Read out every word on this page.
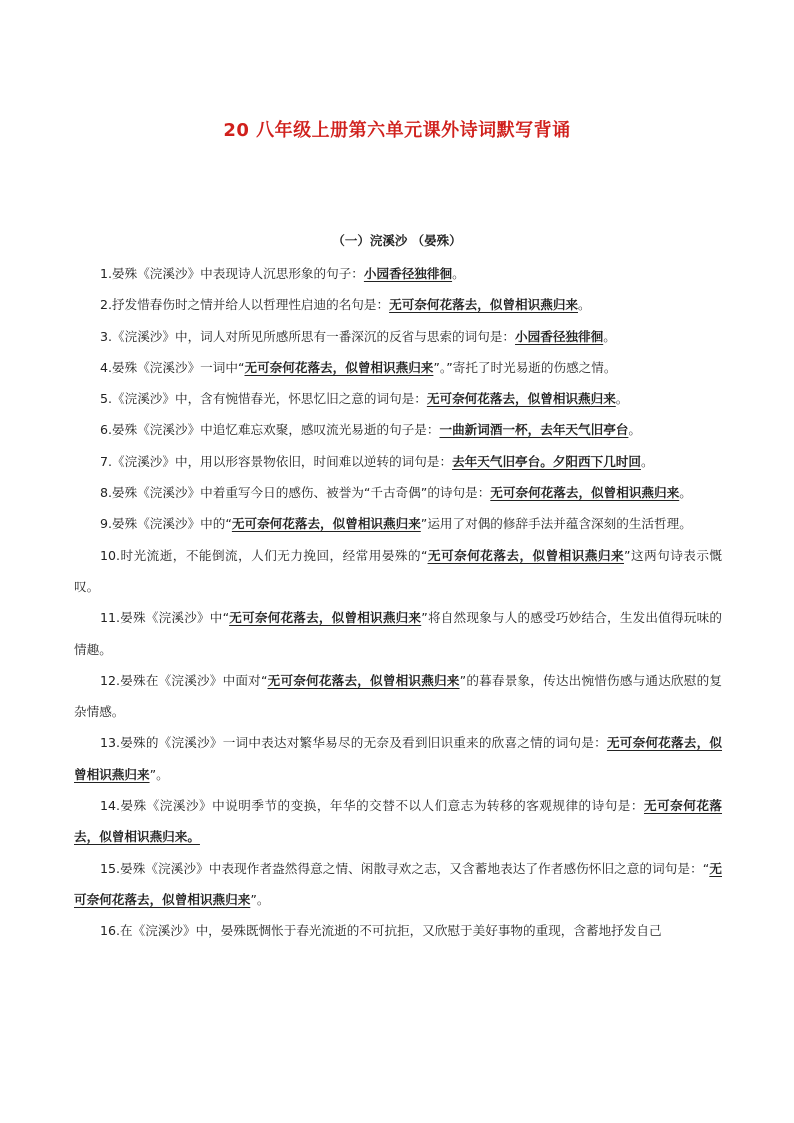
20 八年级上册第六单元课外诗词默写背诵
（一）浣溪沙 （晏殊）

1.晏殊《浣溪沙》中表现诗人沉思形象的句子：小园香径独徘徊。

2.抒发惜春伤时之情并给人以哲理性启迪的名句是：无可奈何花落去，似曾相识燕归来。

3.《浣溪沙》中，词人对所见所感所思有一番深沉的反省与思索的词句是：小园香径独徘徊。

4.晏殊《浣溪沙》一词中“无可奈何花落去，似曾相识燕归来”。”寄托了时光易逝的伤感之情。

5.《浣溪沙》中，含有惋惜春光，怀思忆旧之意的词句是：无可奈何花落去，似曾相识燕归来。

6.晏殊《浣溪沙》中追忆难忘欢聚，感叹流光易逝的句子是：一曲新词酒一杯，去年天气旧亭台。

7.《浣溪沙》中，用以形容景物依旧，时间难以逆转的词句是：去年天气旧亭台。夕阳西下几时回。

8.晏殊《浣溪沙》中着重写今日的感伤、被誉为“千古奇偶”的诗句是：无可奈何花落去，似曾相识燕归来。

9.晏殊《浣溪沙》中的“无可奈何花落去，似曾相识燕归来”运用了对偶的修辞手法并蕴含深刻的生活哲理。

10.时光流逝，不能倒流，人们无力挽回，经常用晏殊的“无可奈何花落去，似曾相识燕归来”这两句诗表示慨叹。

11.晏殊《浣溪沙》中“无可奈何花落去，似曾相识燕归来”将自然现象与人的感受巧妙结合，生发出值得玩味的情趣。

12.晏殊在《浣溪沙》中面对“无可奈何花落去，似曾相识燕归来”的暮春景象，传达出惋惜伤感与通达欣慰的复杂情感。

13.晏殊的《浣溪沙》一词中表达对繁华易尽的无奈及看到旧识重来的欣喜之情的词句是：无可奈何花落去，似曾相识燕归来”。

14.晏殊《浣溪沙》中说明季节的变换，年华的交替不以人们意志为转移的客观规律的诗句是：无可奈何花落去，似曾相识燕归来。

15.晏殊《浣溪沙》中表现作者盎然得意之情、闲散寻欢之志，又含蓄地表达了作者感伤怀旧之意的词句是：“无可奈何花落去，似曾相识燕归来”。

16.在《浣溪沙》中，晏殊既惆怅于春光流逝的不可抗拒，又欣慰于美好事物的重现，含蓄地抒发自己
